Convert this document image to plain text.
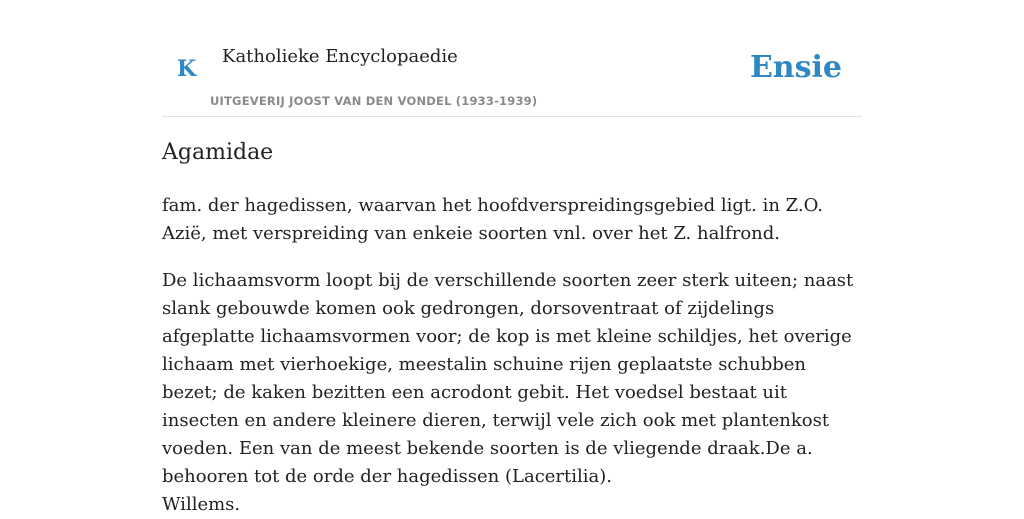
K Katholieke Encyclopaedie
UITGEVERIJ JOOST VAN DEN VONDEL (1933-1939)
Ensie
Agamidae

fam. der hagedissen, waarvan het hoofdverspreidingsgebied ligt. in Z.O. Azië, met verspreiding van enkeie soorten vnl. over het Z. halfrond.

De lichaamsvorm loopt bij de verschillende soorten zeer sterk uiteen; naast slank gebouwde komen ook gedrongen, dorsoventraat of zijdelings afgeplatte lichaamsvormen voor; de kop is met kleine schildjes, het overige lichaam met vierhoekige, meestalin schuine rijen geplaatste schubben bezet; de kaken bezitten een acrodont gebit. Het voedsel bestaat uit insecten en andere kleinere dieren, terwijl vele zich ook met plantenkost voeden. Een van de meest bekende soorten is de vliegende draak.De a. behooren tot de orde der hagedissen (Lacertilia).

Willems.
